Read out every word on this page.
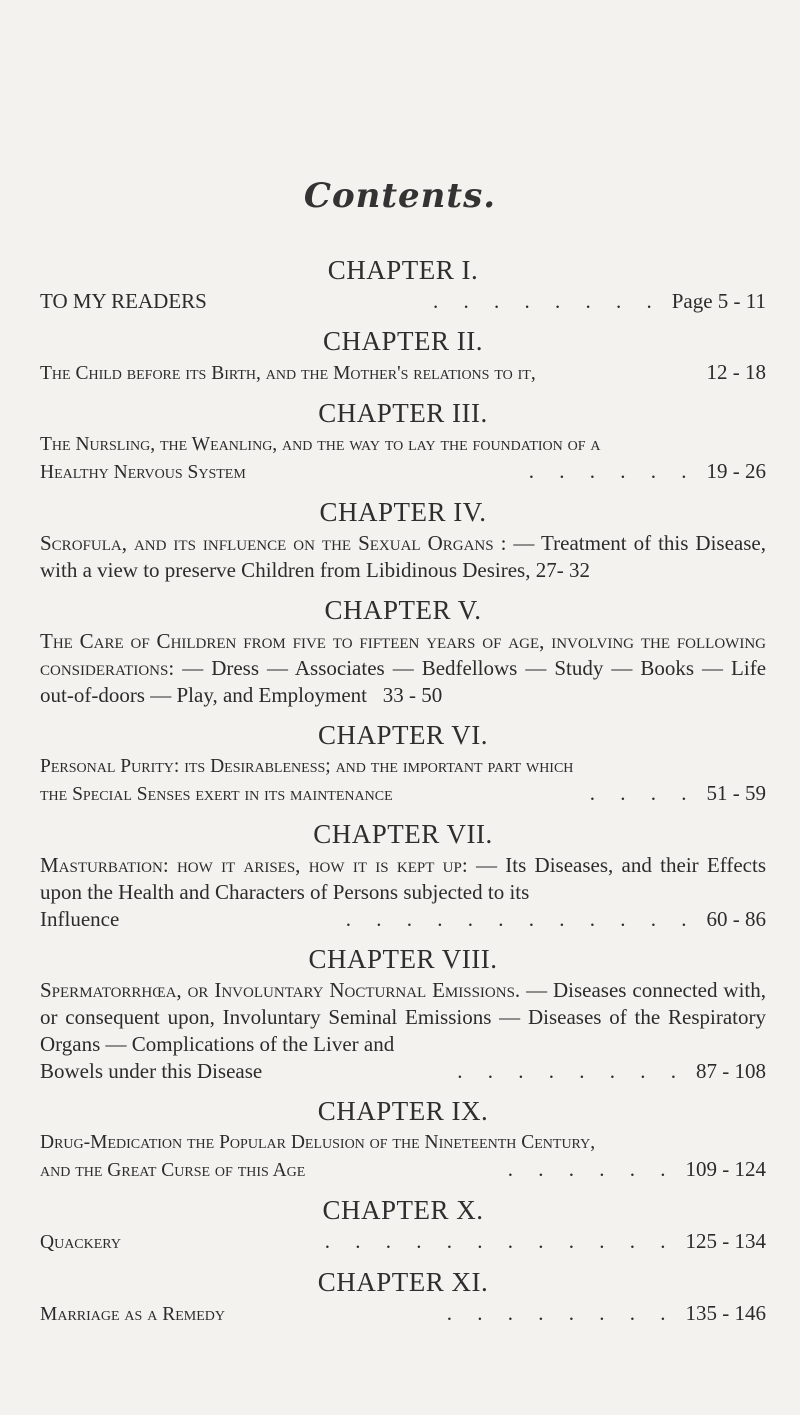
Contents.
CHAPTER I.
TO MY READERS	. . . . . . . . Page 5 - 11
CHAPTER II.
The Child before its Birth, and the Mother's relations to it,	12 - 18
CHAPTER III.
The Nursling, the Weanling, and the way to lay the foundation of a
Healthy Nervous System	. . . . . . 19 - 26
CHAPTER IV.
Scrofula, and its influence on the Sexual Organs : — Treatment of this Disease, with a view to preserve Children from Libidinous Desires, 27- 32
CHAPTER V.
The Care of Children from five to fifteen years of age, involving the following considerations: — Dress — Associates — Bedfellows — Study — Books — Life out-of-doors — Play, and Employment 33 - 50
CHAPTER VI.
Personal Purity: its Desirableness; and the important part which
the Special Senses exert in its maintenance	. . . . 51 - 59
CHAPTER VII.
Masturbation: how it arises, how it is kept up: — Its Diseases, and their Effects upon the Health and Characters of Persons subjected to its
Influence	. . . . . . . . . . . . 60 - 86
CHAPTER VIII.
Spermatorrhœa, or Involuntary Nocturnal Emissions. — Diseases connected with, or consequent upon, Involuntary Seminal Emissions — Diseases of the Respiratory Organs — Complications of the Liver and
Bowels under this Disease	. . . . . . . . 87 - 108
CHAPTER IX.
Drug-Medication the Popular Delusion of the Nineteenth Century,
and the Great Curse of this Age	. . . . . . 109 - 124
CHAPTER X.
Quackery	. . . . . . . . . . . . 125 - 134
CHAPTER XI.
Marriage as a Remedy	. . . . . . . . 135 - 146
